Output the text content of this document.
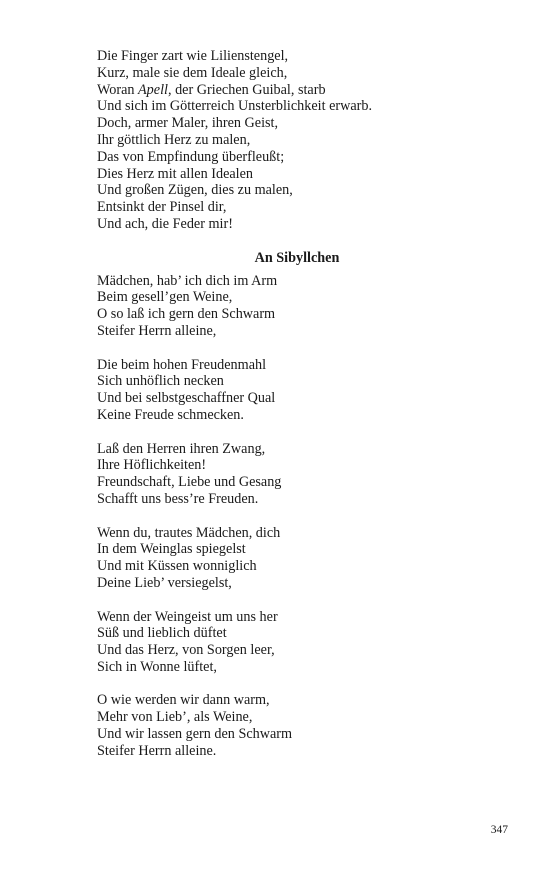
Die Finger zart wie Lilienstengel,

Kurz, male sie dem Ideale gleich,

Woran Apell, der Griechen Guibal, starb

Und sich im Götterreich Unsterblichkeit erwarb.

Doch, armer Maler, ihren Geist,

Ihr göttlich Herz zu malen,

Das von Empfindung überfleußt;

Dies Herz mit allen Idealen

Und großen Zügen, dies zu malen,

Entsinkt der Pinsel dir,

Und ach, die Feder mir!

An Sibyllchen

Mädchen, hab’ ich dich im Arm

Beim gesell’gen Weine,

O so laß ich gern den Schwarm

Steifer Herrn alleine,

Die beim hohen Freudenmahl

Sich unhöflich necken

Und bei selbstgeschaffner Qual

Keine Freude schmecken.

Laß den Herren ihren Zwang,

Ihre Höflichkeiten!

Freundschaft, Liebe und Gesang

Schafft uns bess’re Freuden.

Wenn du, trautes Mädchen, dich

In dem Weinglas spiegelst

Und mit Küssen wonniglich

Deine Lieb’ versiegelst,

Wenn der Weingeist um uns her

Süß und lieblich düftet

Und das Herz, von Sorgen leer,

Sich in Wonne lüftet,

O wie werden wir dann warm,

Mehr von Lieb’, als Weine,

Und wir lassen gern den Schwarm

Steifer Herrn alleine.

347
